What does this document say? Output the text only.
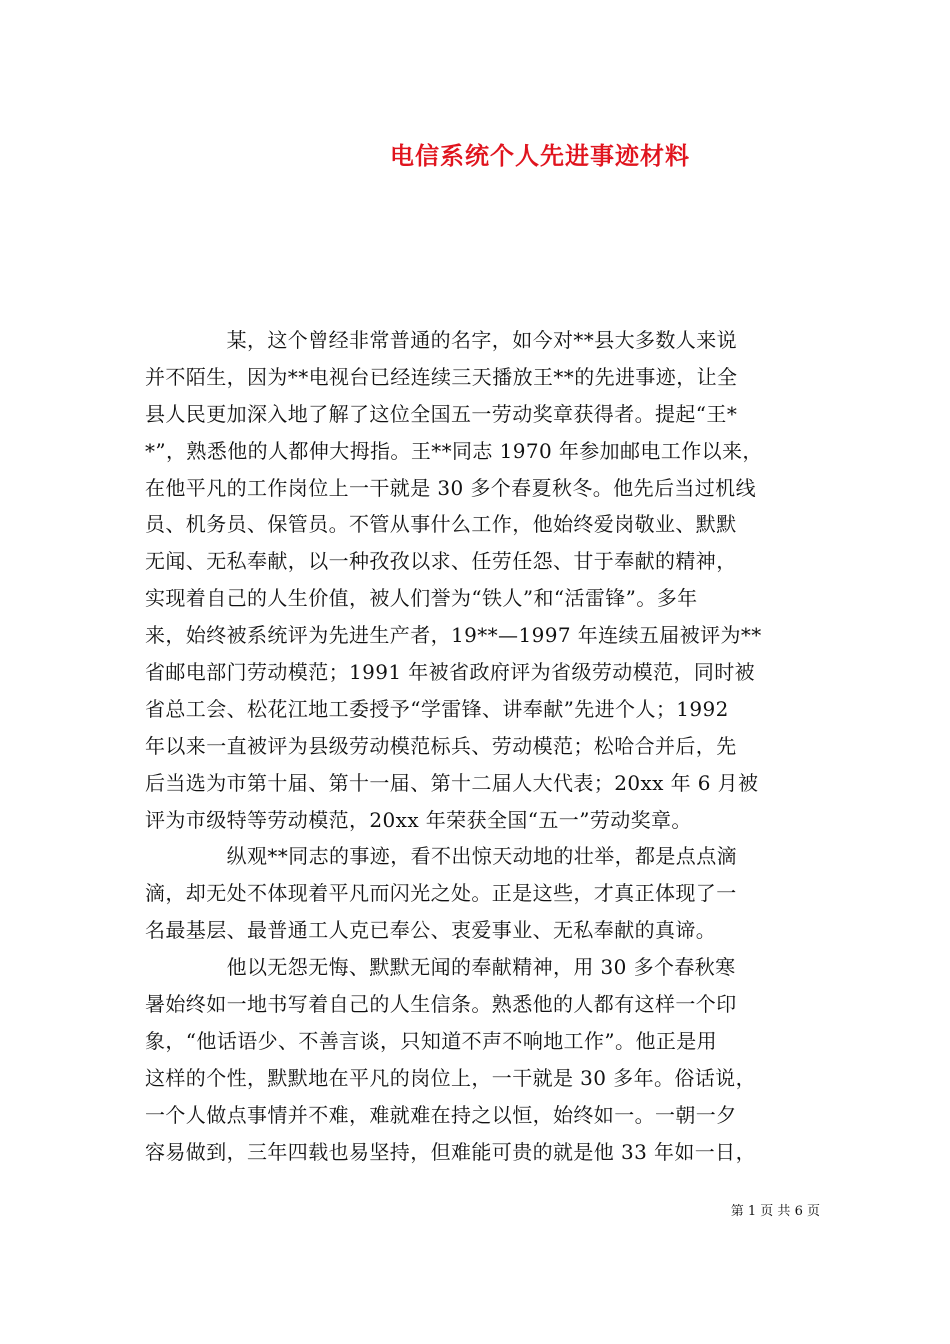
电信系统个人先进事迹材料
　　　　某，这个曾经非常普通的名字，如今对**县大多数人来说
并不陌生，因为**电视台已经连续三天播放王**的先进事迹，让全
县人民更加深入地了解了这位全国五一劳动奖章获得者。提起“王*
*”，熟悉他的人都伸大拇指。王**同志 1970 年参加邮电工作以来，
在他平凡的工作岗位上一干就是 30 多个春夏秋冬。他先后当过机线
员、机务员、保管员。不管从事什么工作，他始终爱岗敬业、默默
无闻、无私奉献，以一种孜孜以求、任劳任怨、甘于奉献的精神，
实现着自己的人生价值，被人们誉为“铁人”和“活雷锋”。多年
来，始终被系统评为先进生产者，19**—1997 年连续五届被评为**
省邮电部门劳动模范；1991 年被省政府评为省级劳动模范，同时被
省总工会、松花江地工委授予“学雷锋、讲奉献”先进个人；1992
年以来一直被评为县级劳动模范标兵、劳动模范；松哈合并后，先
后当选为市第十届、第十一届、第十二届人大代表；20xx 年 6 月被
评为市级特等劳动模范，20xx 年荣获全国“五一”劳动奖章。
　　　　纵观**同志的事迹，看不出惊天动地的壮举，都是点点滴
滴，却无处不体现着平凡而闪光之处。正是这些，才真正体现了一
名最基层、最普通工人克已奉公、衷爱事业、无私奉献的真谛。
　　　　他以无怨无悔、默默无闻的奉献精神，用 30 多个春秋寒
暑始终如一地书写着自己的人生信条。熟悉他的人都有这样一个印
象，“他话语少、不善言谈，只知道不声不响地工作”。他正是用
这样的个性，默默地在平凡的岗位上，一干就是 30 多年。俗话说，
一个人做点事情并不难，难就难在持之以恒，始终如一。一朝一夕
容易做到，三年四载也易坚持，但难能可贵的就是他 33 年如一日，
第 1 页 共 6 页
